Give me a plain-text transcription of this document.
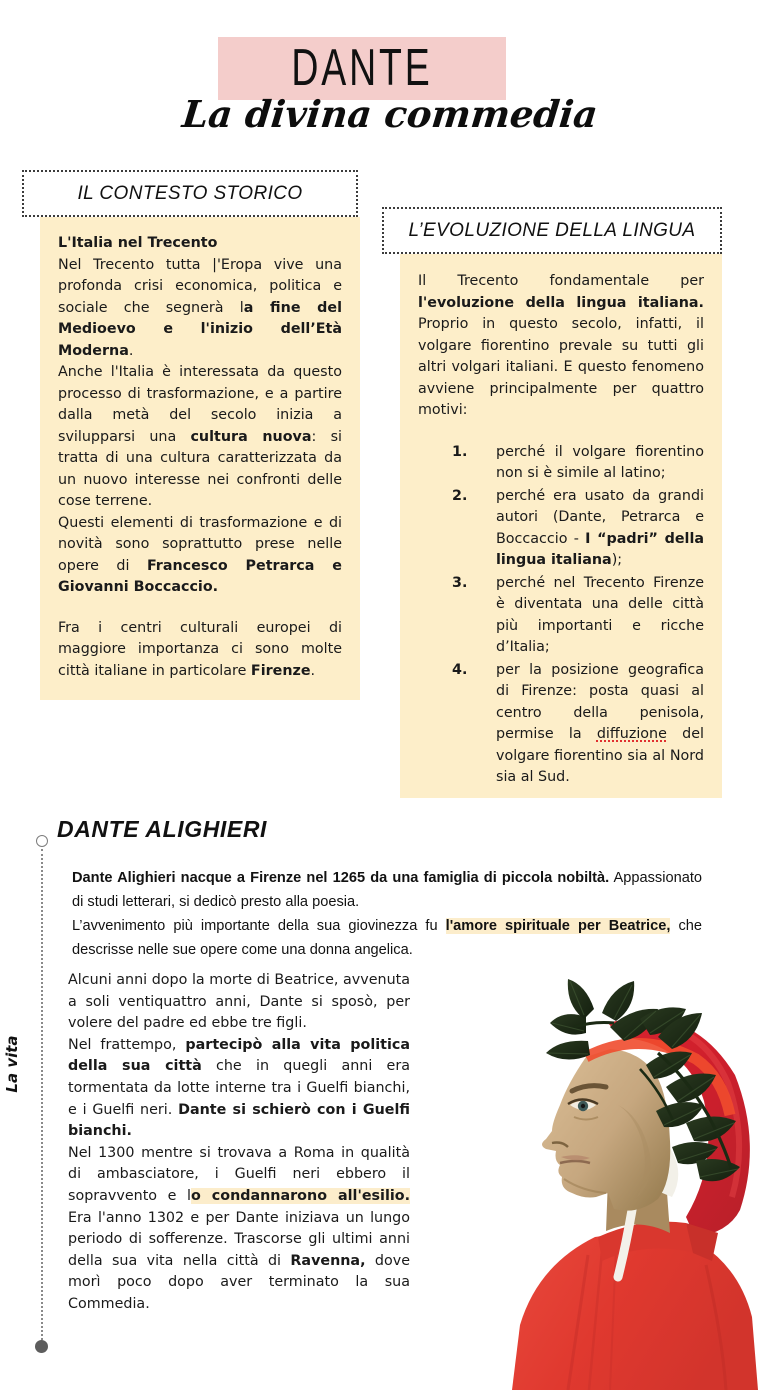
DANTE
La divina commedia
IL CONTESTO STORICO

L'Italia nel Trecento

Nel Trecento tutta |'Eropa vive una profonda crisi economica, politica e sociale che segnerà la fine del Medioevo e l'inizio dell’Età Moderna.

Anche l'Italia è interessata da questo processo di trasformazione, e a partire dalla metà del secolo inizia a svilupparsi una cultura nuova: si tratta di una cultura caratterizzata da un nuovo interesse nei confronti delle cose terrene.

Questi elementi di trasformazione e di novità sono soprattutto prese nelle opere di Francesco Petrarca e Giovanni Boccaccio.

Fra i centri culturali europei di maggiore importanza ci sono molte città italiane in particolare Firenze.

L’EVOLUZIONE DELLA LINGUA

Il Trecento fondamentale per l'evoluzione della lingua italiana. Proprio in questo secolo, infatti, il volgare fiorentino prevale su tutti gli altri volgari italiani. E questo fenomeno avviene principalmente per quattro motivi:

perché il volgare fiorentino non si è simile al latino;
perché era usato da grandi autori (Dante, Petrarca e Boccaccio - I “padri” della lingua italiana);
perché nel Trecento Firenze è diventata una delle città più importanti e ricche d’Italia;
per la posizione geografica di Firenze: posta quasi al centro della penisola, permise la diffuzione del volgare fiorentino sia al Nord sia al Sud.
DANTE ALIGHIERI
La vita
Dante Alighieri nacque a Firenze nel 1265 da una famiglia di piccola nobiltà. Appassionato di studi letterari, si dedicò presto alla poesia.
L’avvenimento più importante della sua giovinezza fu l'amore spirituale per Beatrice, che descrisse nelle sue opere come una donna angelica.

Alcuni anni dopo la morte di Beatrice, avvenuta a soli ventiquattro anni, Dante si sposò, per volere del padre ed ebbe tre figli.

Nel frattempo, partecipò alla vita politica della sua città che in quegli anni era tormentata da lotte interne tra i Guelfi bianchi, e i Guelfi neri. Dante si schierò con i Guelfi bianchi.

Nel 1300 mentre si trovava a Roma in qualità di ambasciatore, i Guelfi neri ebbero il sopravvento e lo condannarono all'esilio. Era l'anno 1302 e per Dante iniziava un lungo periodo di sofferenze. Trascorse gli ultimi anni della sua vita nella città di Ravenna, dove morì poco dopo aver terminato la sua Commedia.
